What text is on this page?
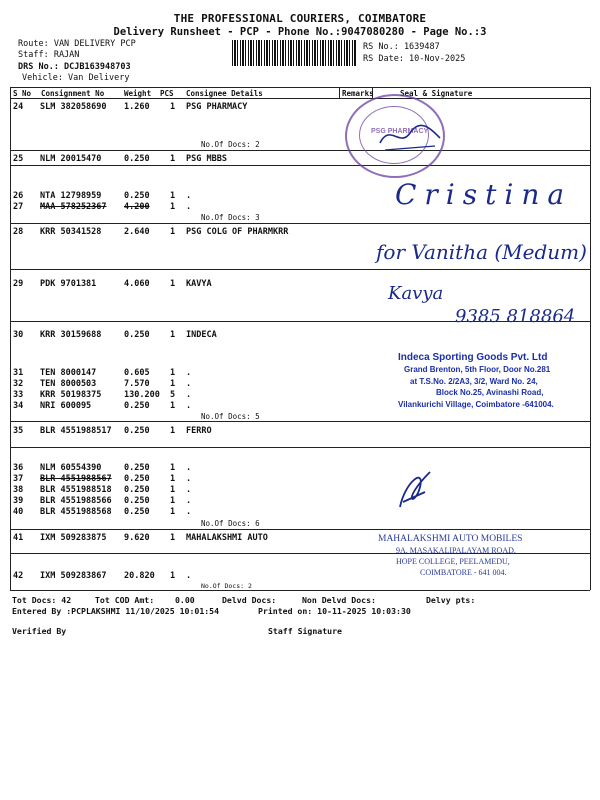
THE PROFESSIONAL COURIERS, COIMBATORE
Delivery Runsheet - PCP - Phone No.:9047080280 - Page No.:3
Route: VAN DELIVERY PCP
Staff: RAJAN
DRS No.: DCJB163948703
Vehicle: Van Delivery
RS No.: 1639487
RS Date: 10-Nov-2025
S No Consignment No	Weight PCS Consignee Details	Remarks	Seal & Signature
24 SLM 382058690 1.260 1 PSG PHARMACY
No.Of Docs: 2
25 NLM 20015470	0.250 1 PSG MBBS
26 NTA 12798959	0.250 1 .
27 MAA 578252367 4.200 1 .
No.Of Docs: 3
28 KRR 50341528	2.640 1 PSG COLG OF PHARMKRR
29 PDK 9701381	4.060 1 KAVYA
30 KRR 30159688	0.250 1 INDECA
31 TEN 8000147	0.605 1 .
32 TEN 8000503	7.570 1 .
33 KRR 50198375	130.200 5 .
34 NRI 600095	0.250 1 .
No.Of Docs: 5
35 BLR 4551988517 0.250 1 FERRO
36 NLM 60554390	0.250 1 .
37 BLR 4551988567 0.250 1 .
38 BLR 4551988518 0.250 1 .
39 BLR 4551988566 0.250 1 .
40 BLR 4551988568 0.250 1 .
No.Of Docs: 6
41 IXM 509283875 9.620 1 MAHALAKSHMI AUTO
42 IXM 509283867 20.820 1 .
No.Of Docs: 2
PSG PHARMACY
Cristina
for Vanitha (Medum)
Kavya
9385 818864
Indeca Sporting Goods Pvt. Ltd
Grand Brenton, 5th Floor, Door No.281
at T.S.No. 2/2A3, 3/2, Ward No. 24,
Block No.25, Avinashi Road,
Vilankurichi Village, Coimbatore -641004.
MAHALAKSHMI AUTO MOBILES
9A, MASAKALIPALAYAM ROAD,
HOPE COLLEGE, PEELAMEDU,
COIMBATORE - 641 004.
Tot Docs: 42	Tot COD Amt:	0.00	Delvd Docs:	Non Delvd Docs:	Delvy pts:
Entered By :PCPLAKSHMI 11/10/2025 10:01:54	Printed on: 10-11-2025 10:03:30
Verified By	Staff Signature
